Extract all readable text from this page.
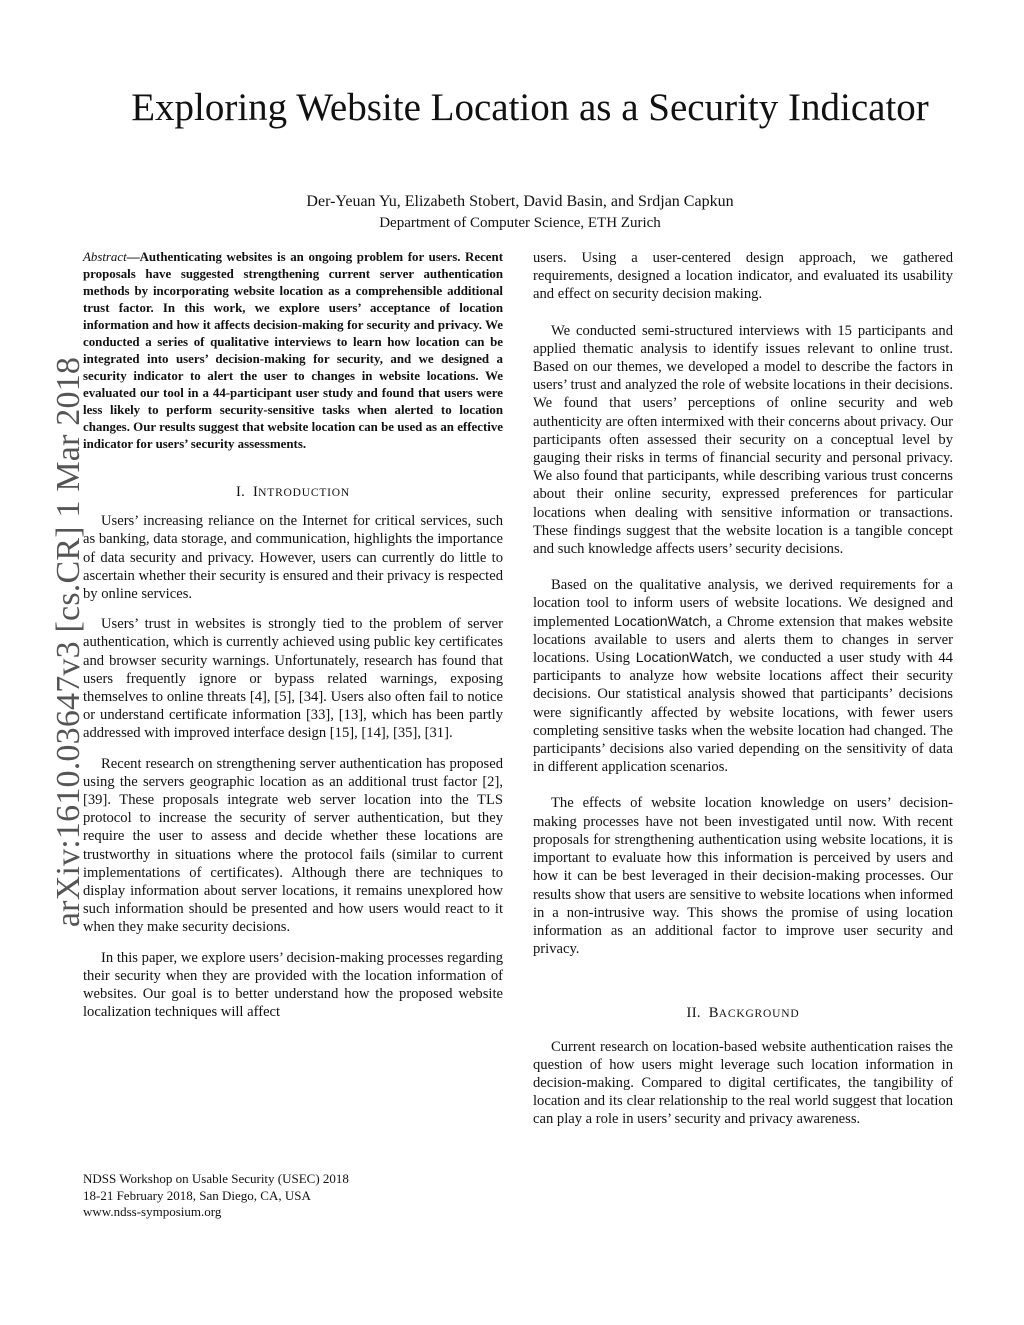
Exploring Website Location as a Security Indicator
Der-Yeuan Yu, Elizabeth Stobert, David Basin, and Srdjan Capkun
Department of Computer Science, ETH Zurich
arXiv:1610.03647v3 [cs.CR] 1 Mar 2018

Abstract—Authenticating websites is an ongoing problem for users. Recent proposals have suggested strengthening current server authentication methods by incorporating website location as a comprehensible additional trust factor. In this work, we explore users’ acceptance of location information and how it affects decision-making for security and privacy. We conducted a series of qualitative interviews to learn how location can be integrated into users’ decision-making for security, and we designed a security indicator to alert the user to changes in website locations. We evaluated our tool in a 44-participant user study and found that users were less likely to perform security-sensitive tasks when alerted to location changes. Our results suggest that website location can be used as an effective indicator for users’ security assessments.

I. INTRODUCTION

Users’ increasing reliance on the Internet for critical services, such as banking, data storage, and communication, highlights the importance of data security and privacy. However, users can currently do little to ascertain whether their security is ensured and their privacy is respected by online services.

Users’ trust in websites is strongly tied to the problem of server authentication, which is currently achieved using public key certificates and browser security warnings. Unfortunately, research has found that users frequently ignore or bypass related warnings, exposing themselves to online threats [4], [5], [34]. Users also often fail to notice or understand certificate information [33], [13], which has been partly addressed with improved interface design [15], [14], [35], [31].

Recent research on strengthening server authentication has proposed using the servers geographic location as an additional trust factor [2], [39]. These proposals integrate web server location into the TLS protocol to increase the security of server authentication, but they require the user to assess and decide whether these locations are trustworthy in situations where the protocol fails (similar to current implementations of certificates). Although there are techniques to display information about server locations, it remains unexplored how such information should be presented and how users would react to it when they make security decisions.

In this paper, we explore users’ decision-making processes regarding their security when they are provided with the location information of websites. Our goal is to better understand how the proposed website localization techniques will affect

users. Using a user-centered design approach, we gathered requirements, designed a location indicator, and evaluated its usability and effect on security decision making.

We conducted semi-structured interviews with 15 participants and applied thematic analysis to identify issues relevant to online trust. Based on our themes, we developed a model to describe the factors in users’ trust and analyzed the role of website locations in their decisions. We found that users’ perceptions of online security and web authenticity are often intermixed with their concerns about privacy. Our participants often assessed their security on a conceptual level by gauging their risks in terms of financial security and personal privacy. We also found that participants, while describing various trust concerns about their online security, expressed preferences for particular locations when dealing with sensitive information or transactions. These findings suggest that the website location is a tangible concept and such knowledge affects users’ security decisions.

Based on the qualitative analysis, we derived requirements for a location tool to inform users of website locations. We designed and implemented LocationWatch, a Chrome extension that makes website locations available to users and alerts them to changes in server locations. Using LocationWatch, we conducted a user study with 44 participants to analyze how website locations affect their security decisions. Our statistical analysis showed that participants’ decisions were significantly affected by website locations, with fewer users completing sensitive tasks when the website location had changed. The participants’ decisions also varied depending on the sensitivity of data in different application scenarios.

The effects of website location knowledge on users’ decision-making processes have not been investigated until now. With recent proposals for strengthening authentication using website locations, it is important to evaluate how this information is perceived by users and how it can be best leveraged in their decision-making processes. Our results show that users are sensitive to website locations when informed in a non-intrusive way. This shows the promise of using location information as an additional factor to improve user security and privacy.

II. BACKGROUND

Current research on location-based website authentication raises the question of how users might leverage such location information in decision-making. Compared to digital certificates, the tangibility of location and its clear relationship to the real world suggest that location can play a role in users’ security and privacy awareness.

NDSS Workshop on Usable Security (USEC) 2018
18-21 February 2018, San Diego, CA, USA
www.ndss-symposium.org
